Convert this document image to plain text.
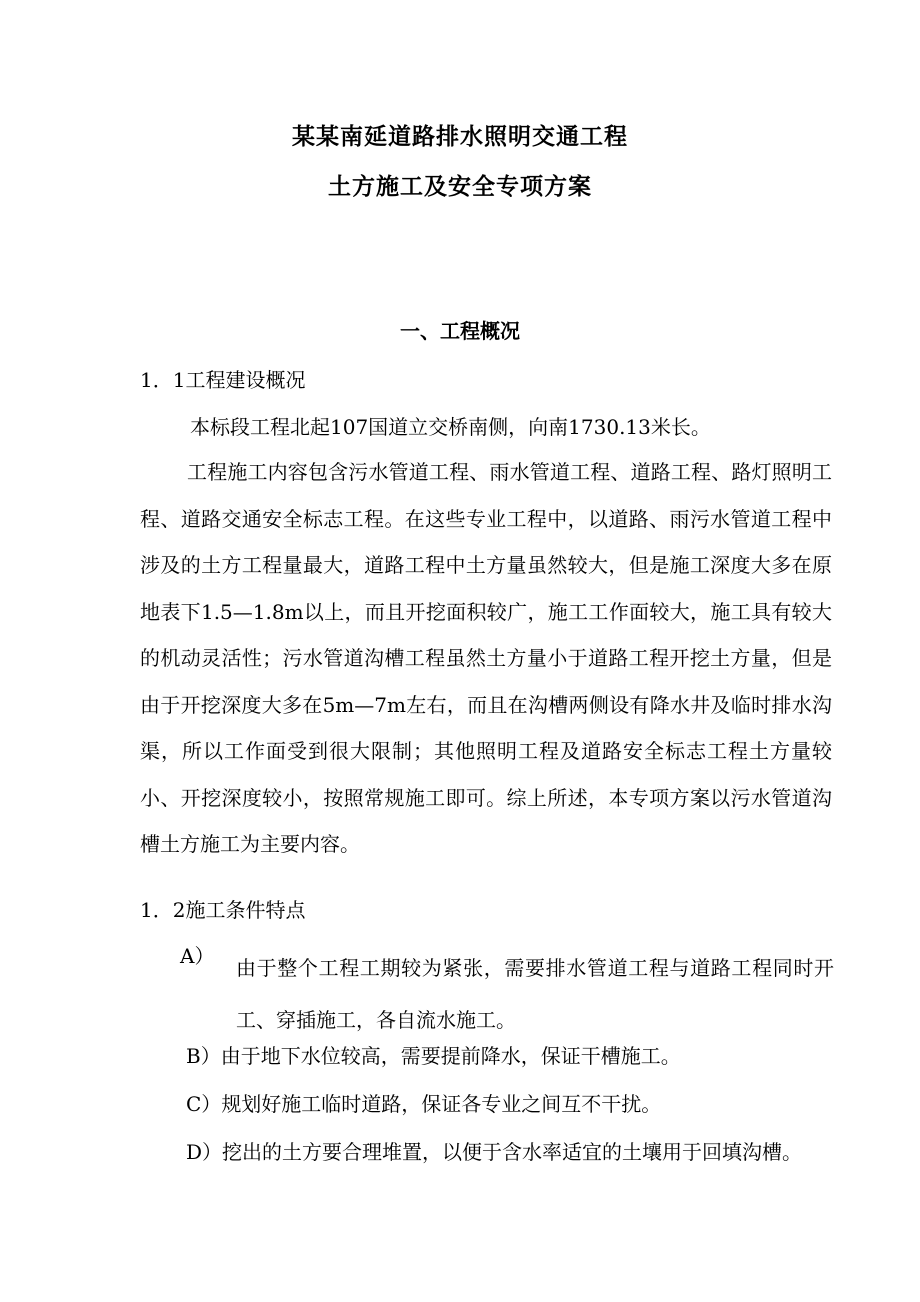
某某南延道路排水照明交通工程
土方施工及安全专项方案
一、工程概况
1．1工程建设概况
本标段工程北起107国道立交桥南侧，向南1730.13米长。
工程施工内容包含污水管道工程、雨水管道工程、道路工程、路灯照明工程、道路交通安全标志工程。在这些专业工程中，以道路、雨污水管道工程中涉及的土方工程量最大，道路工程中土方量虽然较大，但是施工深度大多在原地表下1.5—1.8m以上，而且开挖面积较广，施工工作面较大，施工具有较大的机动灵活性；污水管道沟槽工程虽然土方量小于道路工程开挖土方量，但是由于开挖深度大多在5m—7m左右，而且在沟槽两侧设有降水井及临时排水沟渠，所以工作面受到很大限制；其他照明工程及道路安全标志工程土方量较小、开挖深度较小，按照常规施工即可。综上所述，本专项方案以污水管道沟槽土方施工为主要内容。
1．2施工条件特点
A） 由于整个工程工期较为紧张，需要排水管道工程与道路工程同时开工、穿插施工，各自流水施工。
B）由于地下水位较高，需要提前降水，保证干槽施工。
C）规划好施工临时道路，保证各专业之间互不干扰。
D）挖出的土方要合理堆置，以便于含水率适宜的土壤用于回填沟槽。
